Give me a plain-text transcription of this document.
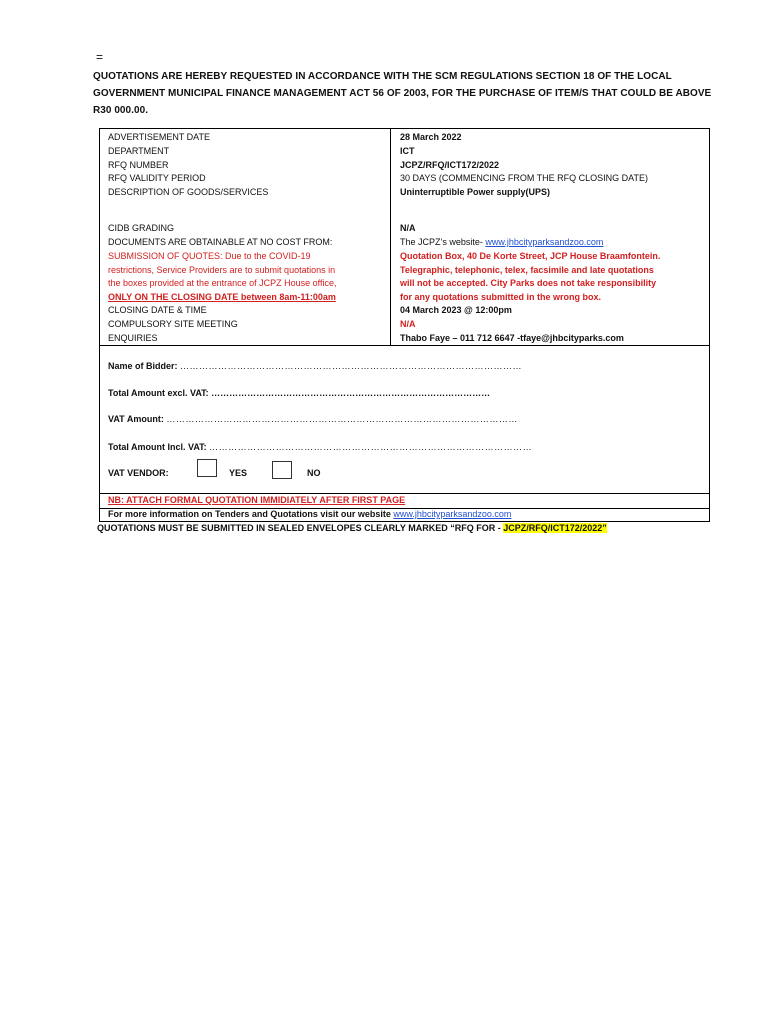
=
QUOTATIONS ARE HEREBY REQUESTED IN ACCORDANCE WITH THE SCM REGULATIONS SECTION 18 OF THE LOCAL GOVERNMENT MUNICIPAL FINANCE MANAGEMENT ACT 56 OF 2003, FOR THE PURCHASE OF ITEM/S THAT COULD BE ABOVE R30 000.00.
ADVERTISEMENT DATE	28 March 2022
DEPARTMENT	ICT
RFQ NUMBER	JCPZ/RFQ/ICT172/2022
RFQ VALIDITY PERIOD	30 DAYS (COMMENCING FROM THE RFQ CLOSING DATE)
DESCRIPTION OF GOODS/SERVICES	Uninterruptible Power supply(UPS)
CIDB GRADING	N/A
DOCUMENTS ARE OBTAINABLE AT NO COST FROM:	The JCPZ’s website- www.jhbcityparksandzoo.com
SUBMISSION OF QUOTES: Due to the COVID-19	Quotation Box, 40 De Korte Street, JCP House Braamfontein.
restrictions, Service Providers are to submit quotations in	Telegraphic, telephonic, telex, facsimile and late quotations
the boxes provided at the entrance of JCPZ House office,	will not be accepted. City Parks does not take responsibility
ONLY ON THE CLOSING DATE between 8am-11:00am	for any quotations submitted in the wrong box.
CLOSING DATE & TIME	04 March 2023 @ 12:00pm
COMPULSORY SITE MEETING	N/A
ENQUIRIES	Thabo Faye – 011 712 6647 -tfaye@jhbcityparks.com
Name of Bidder: ………………………………………………………………………………………………
Total Amount excl. VAT: …………………………………………………………………………………
VAT Amount: …………………………………………………………………………………………………
Total Amount Incl. VAT: …………………………………………………………………………………………
VAT VENDOR:	YES	NO
NB: ATTACH FORMAL QUOTATION IMMIDIATELY AFTER FIRST PAGE
For more information on Tenders and Quotations visit our website www.jhbcityparksandzoo.com
QUOTATIONS MUST BE SUBMITTED IN SEALED ENVELOPES CLEARLY MARKED “RFQ FOR - JCPZ/RFQ/ICT172/2022”
